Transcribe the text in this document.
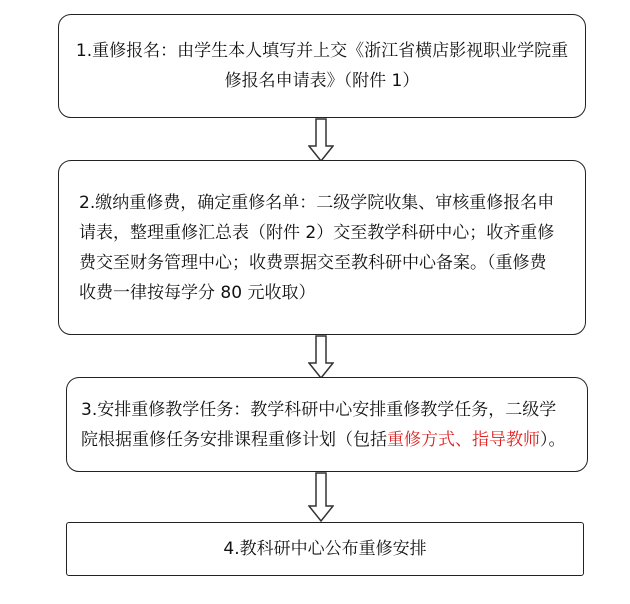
1.重修报名：由学生本人填写并上交《浙江省横店影视职业学院重
修报名申请表》（附件 1）
2.缴纳重修费，确定重修名单：二级学院收集、审核重修报名申
请表，整理重修汇总表（附件 2）交至教学科研中心；收齐重修
费交至财务管理中心；收费票据交至教科研中心备案。（重修费
收费一律按每学分 80 元收取）
3.安排重修教学任务：教学科研中心安排重修教学任务，二级学
院根据重修任务安排课程重修计划（包括重修方式、指导教师）。
4.教科研中心公布重修安排
